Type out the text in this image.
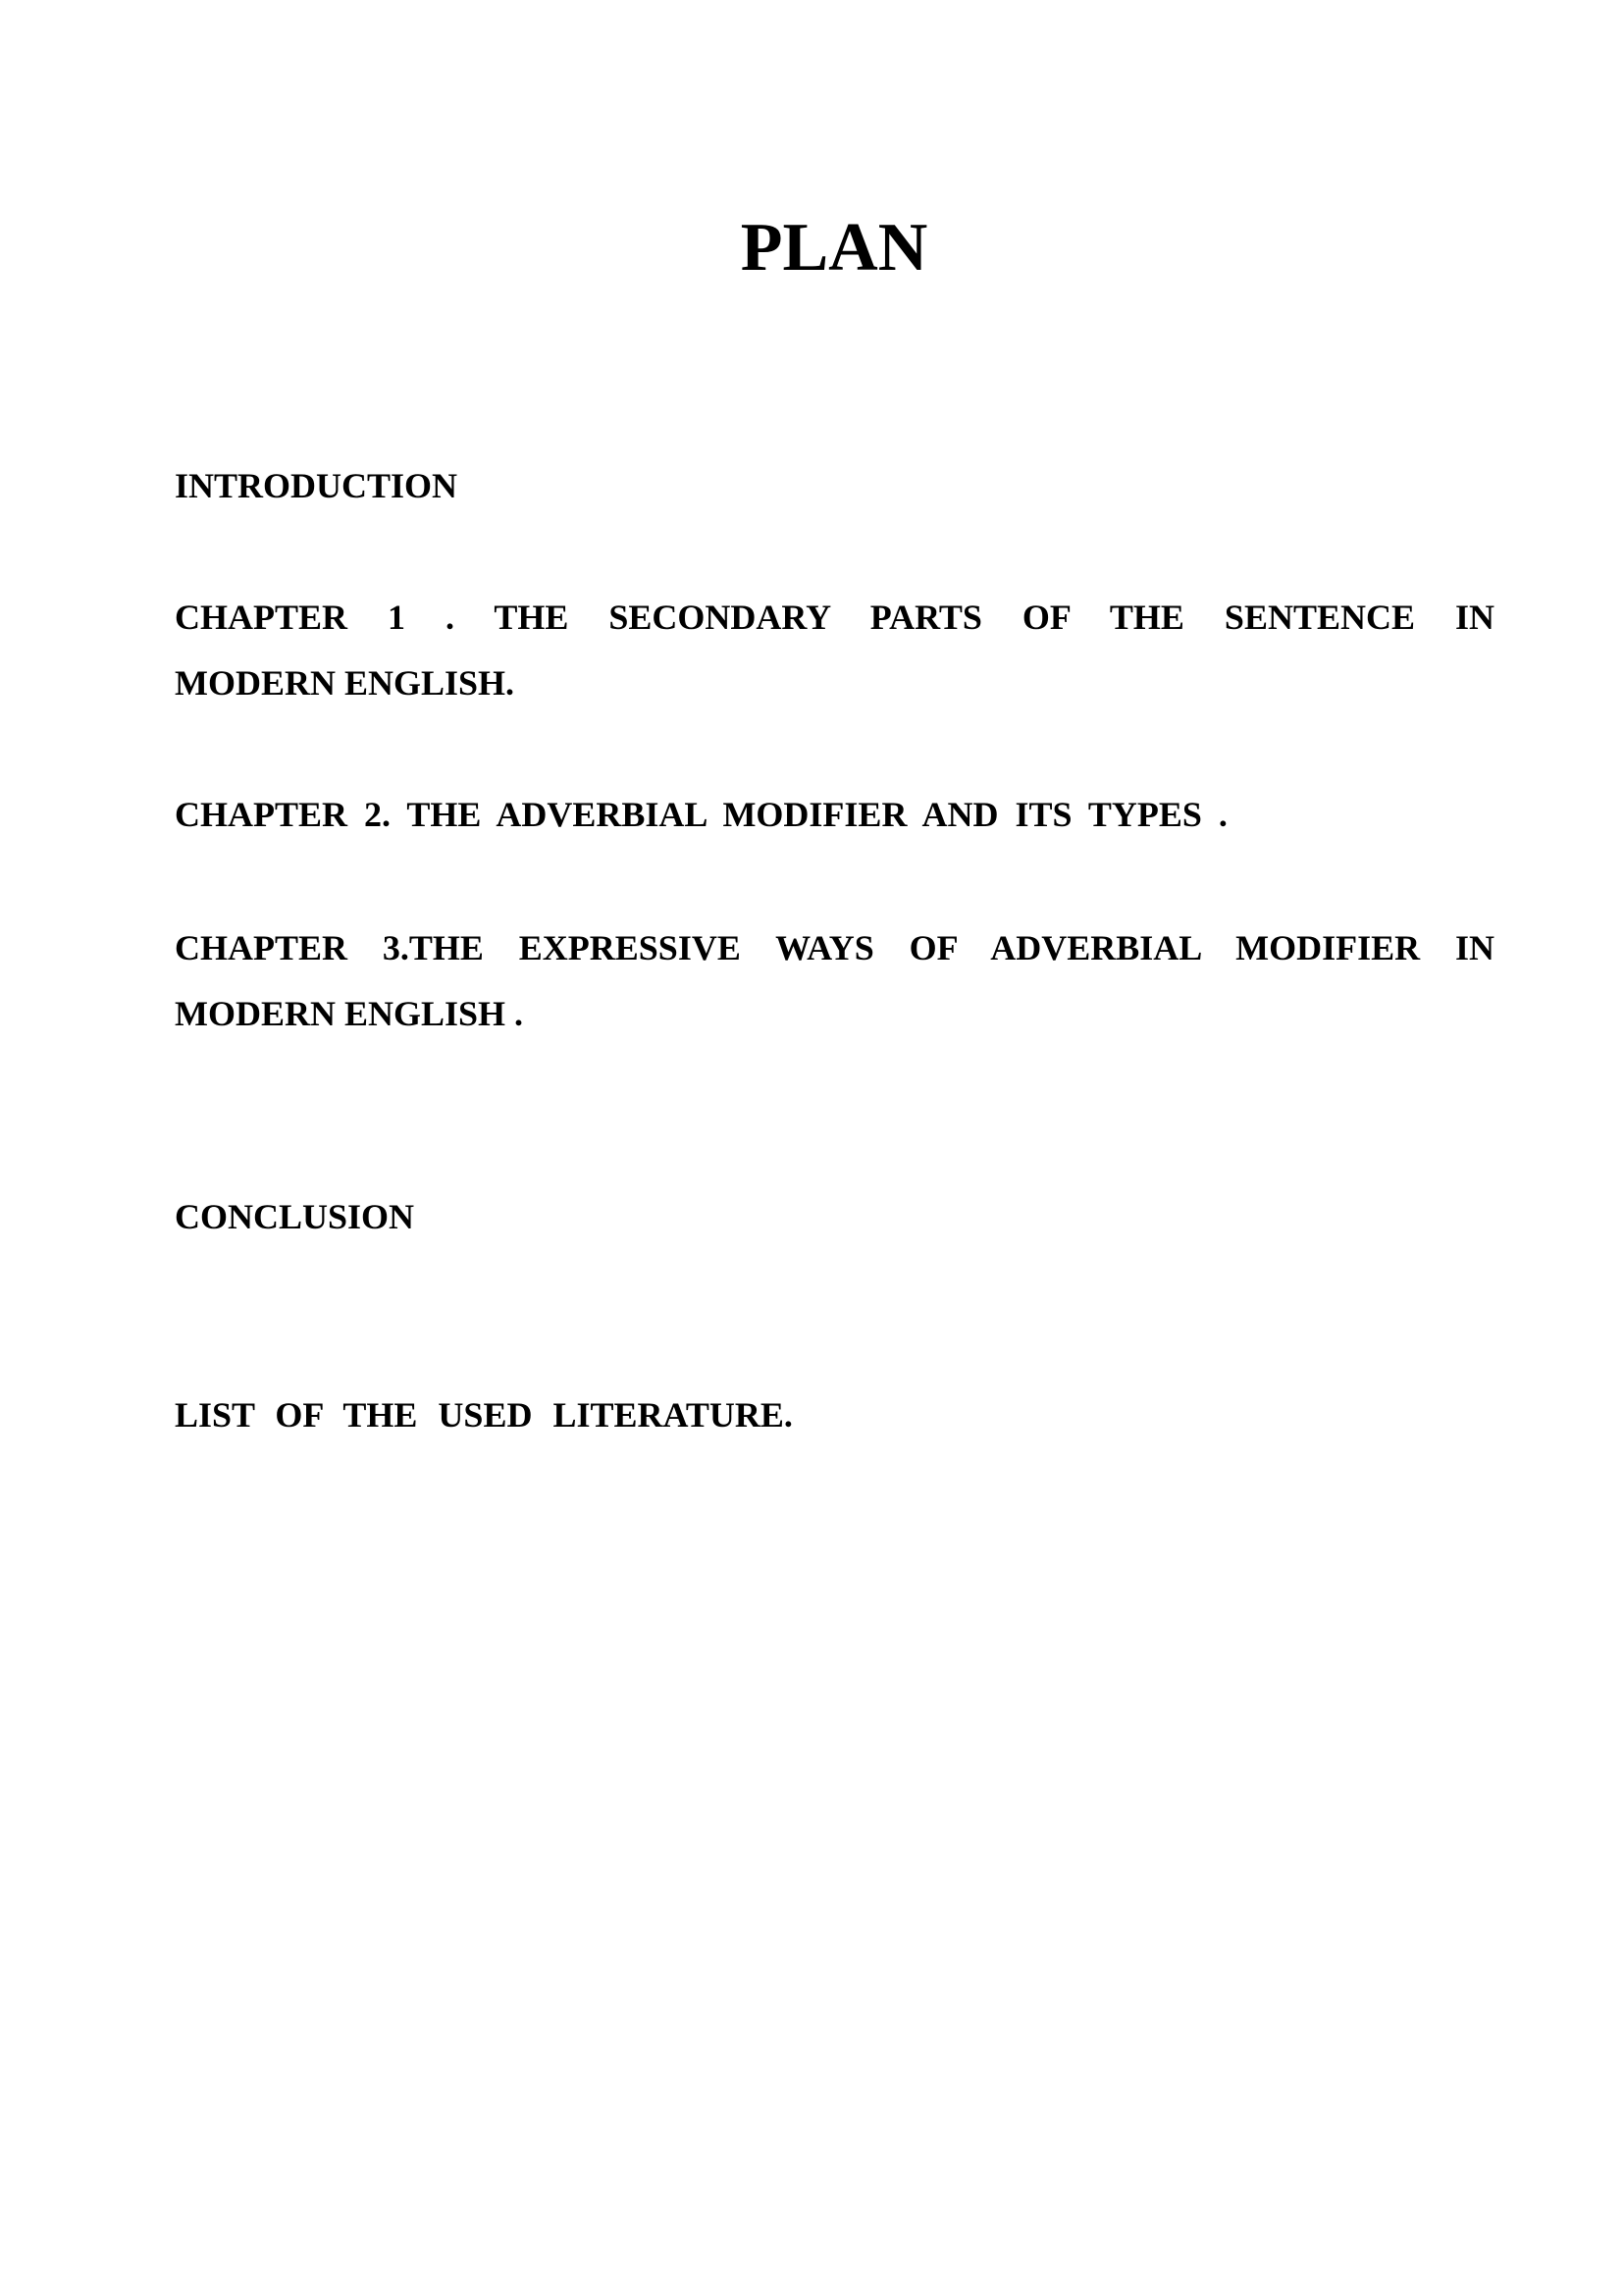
PLAN

INTRODUCTION

CHAPTER 1 . THE SECONDARY PARTS OF THE SENTENCE IN
MODERN ENGLISH.

CHAPTER 2. THE ADVERBIAL MODIFIER AND ITS TYPES .

CHAPTER 3.THE EXPRESSIVE WAYS OF ADVERBIAL MODIFIER IN
MODERN ENGLISH .

CONCLUSION

LIST OF THE USED LITERATURE.
